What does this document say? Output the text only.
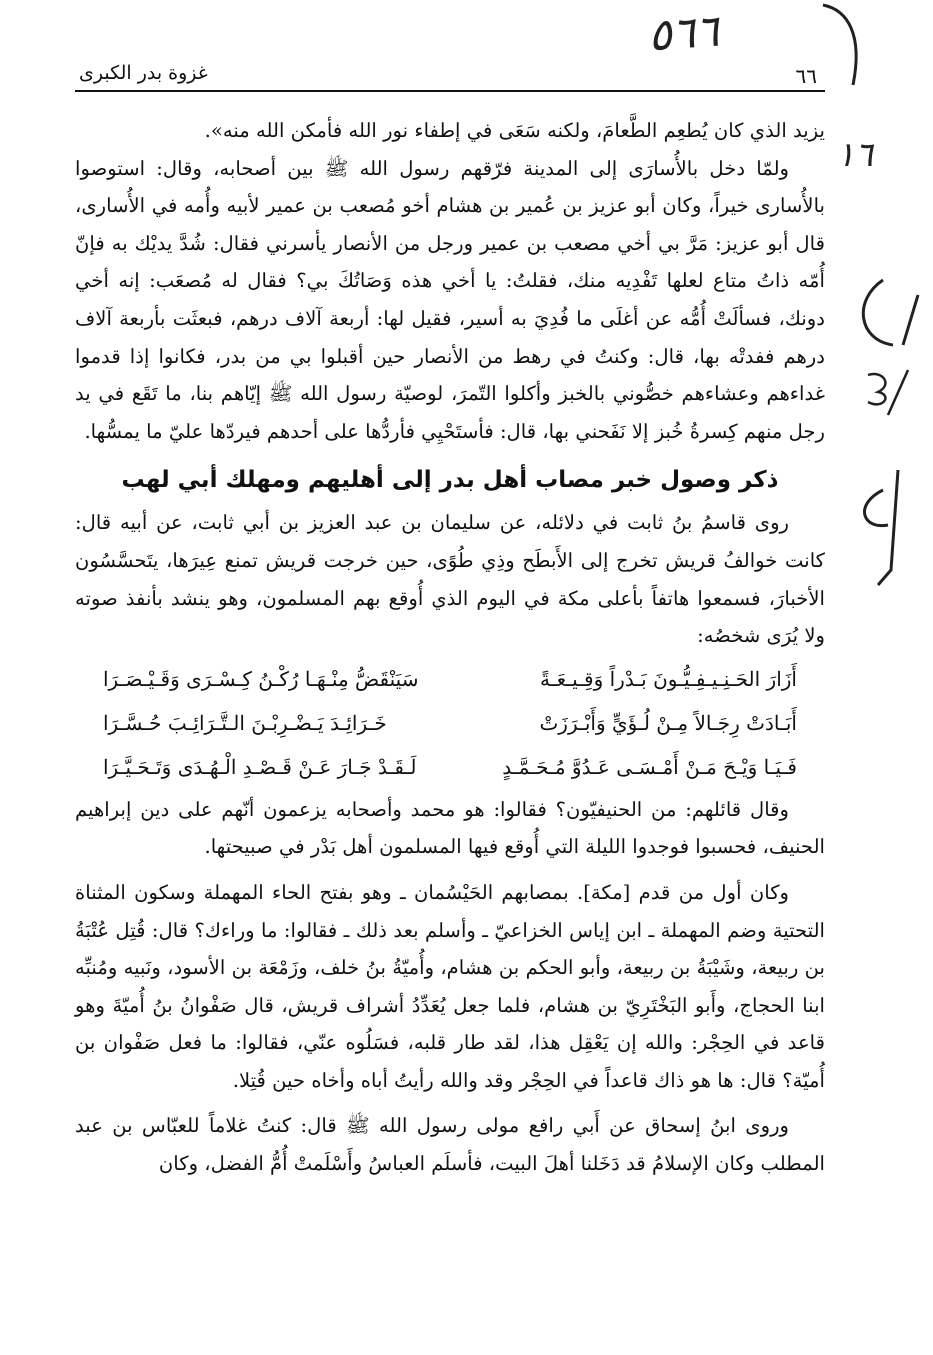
٥٦٦
٦٦
غزوة بدر الكبرى
١٦

يزيد الذي كان يُطعِم الطَّعامَ، ولكنه سَعَى في إطفاء نور الله فأمكن الله منه».

ولمّا دخل بالأُسارَى إلى المدينة فرّقهم رسول الله ﷺ بين أصحابه، وقال: استوصوا بالأُسارى خيراً، وكان أبو عزيز بن عُمير بن هشام أخو مُصعب بن عمير لأبيه وأُمه في الأُسارى، قال أبو عزيز: مَرَّ بي أخي مصعب بن عمير ورجل من الأنصار يأسرني فقال: شُدَّ يديْك به فإنّ أُمّه ذاتُ متاع لعلها تَفْدِيه منك، فقلتُ: يا أخي هذه وَصَاتُكَ بي؟ فقال له مُصعَب: إنه أخي دونك، فسألَتْ أُمُّه عن أغلَى ما فُدِيَ به أسير، فقيل لها: أربعة آلاف درهم، فبعثَت بأربعة آلاف درهم ففدتْه بها، قال: وكنتُ في رهط من الأنصار حين أقبلوا بي من بدر، فكانوا إذا قدموا غداءهم وعشاءهم خصُّوني بالخبز وأكلوا التّمرَ، لوصيّة رسول الله ﷺ إيّاهم بنا، ما تَقَع في يد رجل منهم كِسرةُ خُبز إلا نَفَحني بها، قال: فأستَحْيِي فأردُّها على أحدهم فيردّها عليّ ما يمسُّها.

ذكر وصول خبر مصاب أهل بدر إلى أهليهم ومهلك أبي لهب

روى قاسمُ بنُ ثابت في دلائله، عن سليمان بن عبد العزيز بن أبي ثابت، عن أبيه قال: كانت خوالفُ قريش تخرج إلى الأَبطَح وذِي طُوًى، حين خرجت قريش تمنع عِيرَها، يتَحسَّسُون الأخبارَ، فسمعوا هاتفاً بأعلى مكة في اليوم الذي أُوقع بهم المسلمون، وهو ينشد بأنفذ صوته ولا يُرَى شخصُه:

أَزَارَ الحَـنِـيـفِـيُّـونَ بَـدْراً وَقِـيـعَـةً
سَيَنْقَضُّ مِنْـهَـا رُكْـنُ كِـسْـرَى وَقَـيْـصَـرَا
أَبَـادَتْ رِجَـالاً مِـنْ لُـؤَيٍّ وَأَبْـرَزَتْ
خَـرَائِـدَ يَـضْـرِبْـنَ الـتَّـرَائِـبَ حُـسَّـرَا
فَـيَـا وَيْـحَ مَـنْ أَمْـسَـى عَـدُوَّ مُـحَـمَّـدٍ
لَـقَـدْ جَـارَ عَـنْ قَـصْـدِ الْـهُـدَى وَتَـحَـيَّـرَا

وقال قائلهم: من الحنيفيّون؟ فقالوا: هو محمد وأصحابه يزعمون أنّهم على دين إبراهيم الحنيف، فحسبوا فوجدوا الليلة التي أُوقع فيها المسلمون أهل بَدْر في صبيحتها.

وكان أول من قدم [مكة]. بمصابهم الحَيْسُمان ـ وهو بفتح الحاء المهملة وسكون المثناة التحتية وضم المهملة ـ ابن إياس الخزاعيّ ـ وأسلم بعد ذلك ـ فقالوا: ما وراءك؟ قال: قُتِل عُتْبَةُ بن ربيعة، وشَيْبَةُ بن ربيعة، وأبو الحكم بن هشام، وأُميّةُ بنُ خلف، وزَمْعَة بن الأسود، ونَبيه ومُنبِّه ابنا الحجاج، وأَبو البَخْتَرِيّ بن هشام، فلما جعل يُعَدِّدُ أشراف قريش، قال صَفْوانُ بنُ أُميّةَ وهو قاعد في الحِجْر: والله إن يَعْقِل هذا، لقد طار قلبه، فسَلُوه عنّي، فقالوا: ما فعل صَفْوان بن أُميّة؟ قال: ها هو ذاك قاعداً في الحِجْر وقد والله رأيتُ أباه وأخاه حين قُتِلا.

وروى ابنُ إسحاق عن أَبي رافع مولى رسول الله ﷺ قال: كنتُ غلاماً للعبّاس بن عبد المطلب وكان الإسلامُ قد دَخَلنا أهلَ البيت، فأسلَم العباسُ وأَسْلَمتْ أُمُّ الفضل، وكان
